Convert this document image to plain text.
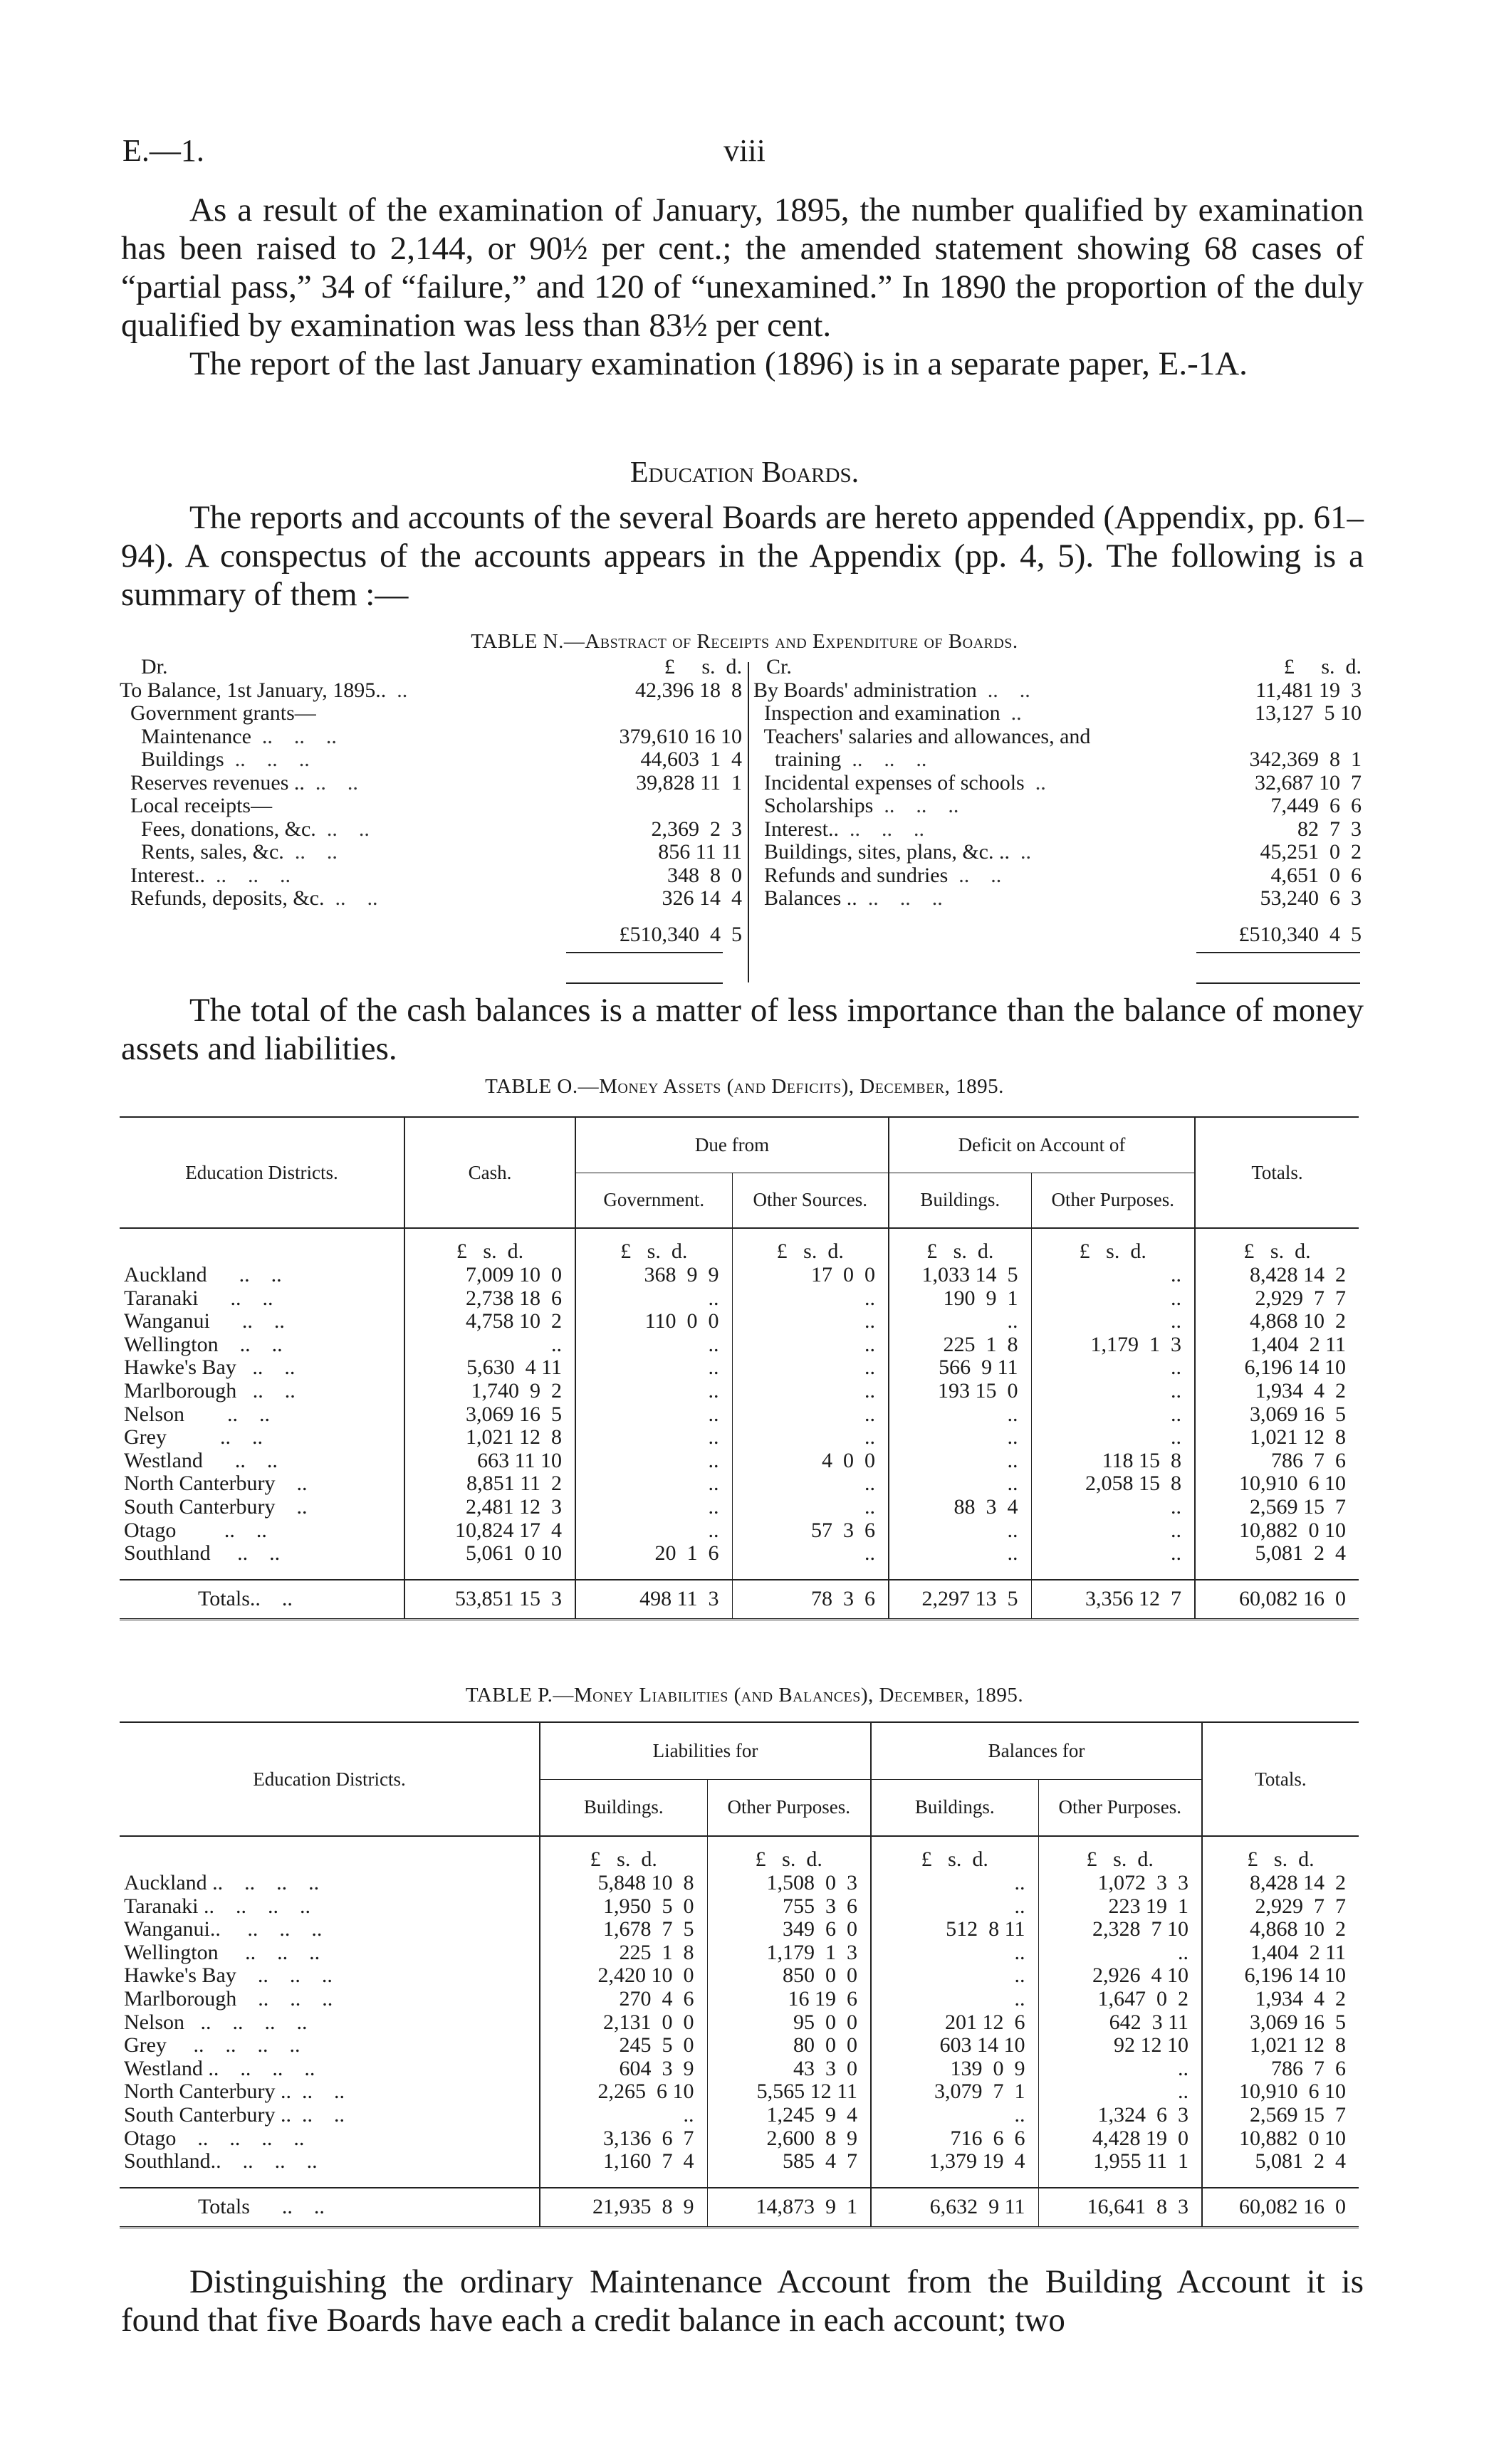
E.—1.	viii

As a result of the examination of January, 1895, the number qualified by examination has been raised to 2,144, or 90½ per cent.; the amended statement showing 68 cases of “partial pass,” 34 of “failure,” and 120 of “unexamined.” In 1890 the proportion of the duly qualified by examination was less than 83½ per cent.

The report of the last January examination (1896) is in a separate paper, E.-1A.

Education Boards.

The reports and accounts of the several Boards are hereto appended (Appendix, pp. 61–94). A conspectus of the accounts appears in the Appendix (pp. 4, 5). The following is a summary of them :—

TABLE N.—Abstract of Receipts and Expenditure of Boards.
Dr.	£     s.  d.
To Balance, 1st January, 1895..  ..	42,396 18  8
Government grants—
Maintenance  ..    ..    ..	379,610 16 10
Buildings  ..    ..    ..	44,603  1  4
Reserves revenues ..  ..    ..	39,828 11  1
Local receipts—
Fees, donations, &c.  ..    ..	2,369  2  3
Rents, sales, &c.  ..    ..	856 11 11
Interest..  ..    ..    ..	348  8  0
Refunds, deposits, &c.  ..    ..	326 14  4
£510,340  4  5
Cr.	£     s.  d.
By Boards' administration  ..    ..	11,481 19  3
Inspection and examination  ..	13,127  5 10
Teachers' salaries and allowances, and
training  ..    ..    ..	342,369  8  1
Incidental expenses of schools  ..	32,687 10  7
Scholarships  ..    ..    ..	7,449  6  6
Interest..  ..    ..    ..	82  7  3
Buildings, sites, plans, &c. ..  ..	45,251  0  2
Refunds and sundries  ..    ..	4,651  0  6
Balances ..  ..    ..    ..	53,240  6  3
£510,340  4  5

The total of the cash balances is a matter of less importance than the balance of money assets and liabilities.

TABLE O.—Money Assets (and Deficits), December, 1895.
Education Districts.	Cash.	Due from		Deficit on Account of		Totals.
		Government.	Other Sources.	Buildings.	Other Purposes.	
	£   s.  d.	£   s.  d.	£   s.  d.	£   s.  d.	£   s.  d.	£   s.  d.
Auckland      ..    ..	7,009 10  0	368  9  9	17  0  0	1,033 14  5	..	8,428 14  2
Taranaki      ..    ..	2,738 18  6	..	..	190  9  1	..	2,929  7  7
Wanganui      ..    ..	4,758 10  2	110  0  0	..	..	..	4,868 10  2
Wellington    ..    ..	..	..	..	225  1  8	1,179  1  3	1,404  2 11
Hawke's Bay   ..    ..	5,630  4 11	..	..	566  9 11	..	6,196 14 10
Marlborough   ..    ..	1,740  9  2	..	..	193 15  0	..	1,934  4  2
Nelson        ..    ..	3,069 16  5	..	..	..	..	3,069 16  5
Grey          ..    ..	1,021 12  8	..	..	..	..	1,021 12  8
Westland      ..    ..	663 11 10	..	4  0  0	..	118 15  8	786  7  6
North Canterbury    ..	8,851 11  2	..	..	..	2,058 15  8	10,910  6 10
South Canterbury    ..	2,481 12  3	..	..	88  3  4	..	2,569 15  7
Otago         ..    ..	10,824 17  4	..	57  3  6	..	..	10,882  0 10
Southland     ..    ..	5,061  0 10	20  1  6	..	..	..	5,081  2  4

Totals..    ..	53,851 15  3	498 11  3	78  3  6	2,297 13  5	3,356 12  7	60,082 16  0
TABLE P.—Money Liabilities (and Balances), December, 1895.
Education Districts.	Liabilities for		Balances for		Totals.
	Buildings.	Other Purposes.	Buildings.	Other Purposes.	
	£   s.  d.	£   s.  d.	£   s.  d.	£   s.  d.	£   s.  d.
Auckland ..    ..    ..    ..	5,848 10  8	1,508  0  3	..	1,072  3  3	8,428 14  2
Taranaki ..    ..    ..    ..	1,950  5  0	755  3  6	..	223 19  1	2,929  7  7
Wanganui..     ..    ..    ..	1,678  7  5	349  6  0	512  8 11	2,328  7 10	4,868 10  2
Wellington     ..    ..    ..	225  1  8	1,179  1  3	..	..	1,404  2 11
Hawke's Bay    ..    ..    ..	2,420 10  0	850  0  0	..	2,926  4 10	6,196 14 10
Marlborough    ..    ..    ..	270  4  6	16 19  6	..	1,647  0  2	1,934  4  2
Nelson   ..    ..    ..    ..	2,131  0  0	95  0  0	201 12  6	642  3 11	3,069 16  5
Grey     ..    ..    ..    ..	245  5  0	80  0  0	603 14 10	92 12 10	1,021 12  8
Westland ..    ..    ..    ..	604  3  9	43  3  0	139  0  9	..	786  7  6
North Canterbury ..  ..    ..	2,265  6 10	5,565 12 11	3,079  7  1	..	10,910  6 10
South Canterbury ..  ..    ..	..	1,245  9  4	..	1,324  6  3	2,569 15  7
Otago    ..    ..    ..    ..	3,136  6  7	2,600  8  9	716  6  6	4,428 19  0	10,882  0 10
Southland..    ..    ..    ..	1,160  7  4	585  4  7	1,379 19  4	1,955 11  1	5,081  2  4

Totals      ..    ..	21,935  8  9	14,873  9  1	6,632  9 11	16,641  8  3	60,082 16  0

Distinguishing the ordinary Maintenance Account from the Building Account it is found that five Boards have each a credit balance in each account; two
